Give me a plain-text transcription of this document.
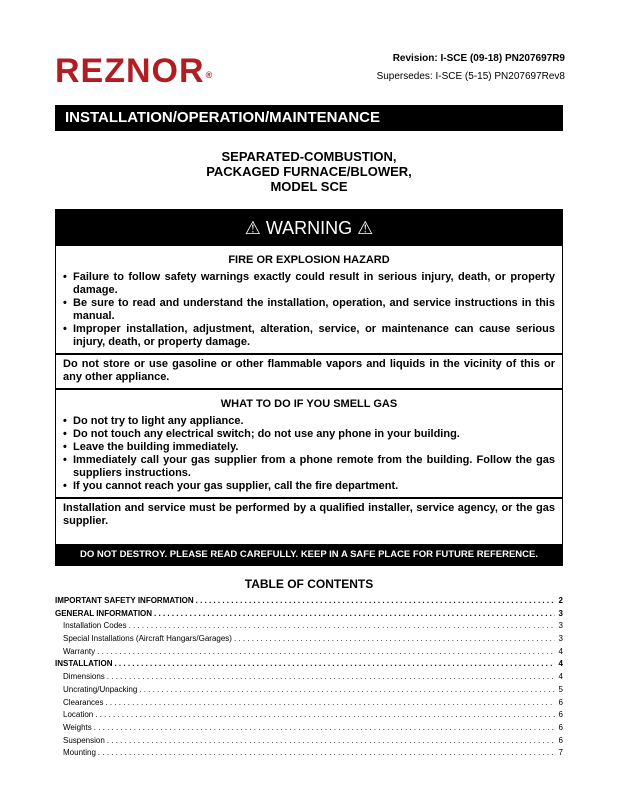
REZNOR®
Revision: I-SCE (09-18) PN207697R9
Supersedes: I-SCE (5-15) PN207697Rev8
INSTALLATION/OPERATION/MAINTENANCE
SEPARATED-COMBUSTION,
PACKAGED FURNACE/BLOWER,
MODEL SCE
⚠ WARNING ⚠
FIRE OR EXPLOSION HAZARD
• Failure to follow safety warnings exactly could result in serious injury, death, or property damage.
• Be sure to read and understand the installation, operation, and service instructions in this manual.
• Improper installation, adjustment, alteration, service, or maintenance can cause serious injury, death, or property damage.
Do not store or use gasoline or other flammable vapors and liquids in the vicinity of this or any other appliance.
WHAT TO DO IF YOU SMELL GAS
• Do not try to light any appliance.
• Do not touch any electrical switch; do not use any phone in your building.
• Leave the building immediately.
• Immediately call your gas supplier from a phone remote from the building. Follow the gas suppliers instructions.
• If you cannot reach your gas supplier, call the fire department.
Installation and service must be performed by a qualified installer, service agency, or the gas supplier.
DO NOT DESTROY. PLEASE READ CAREFULLY. KEEP IN A SAFE PLACE FOR FUTURE REFERENCE.
TABLE OF CONTENTS
IMPORTANT SAFETY INFORMATION . . .	2
GENERAL INFORMATION . . .	3
Installation Codes . . .	3
Special Installations (Aircraft Hangars/Garages) . . .	3
Warranty . . .	4
INSTALLATION . . .	4
Dimensions . . .	4
Uncrating/Unpacking . . .	5
Clearances . . .	6
Location . . .	6
Weights . . .	6
Suspension . . .	6
Mounting . . .	7
